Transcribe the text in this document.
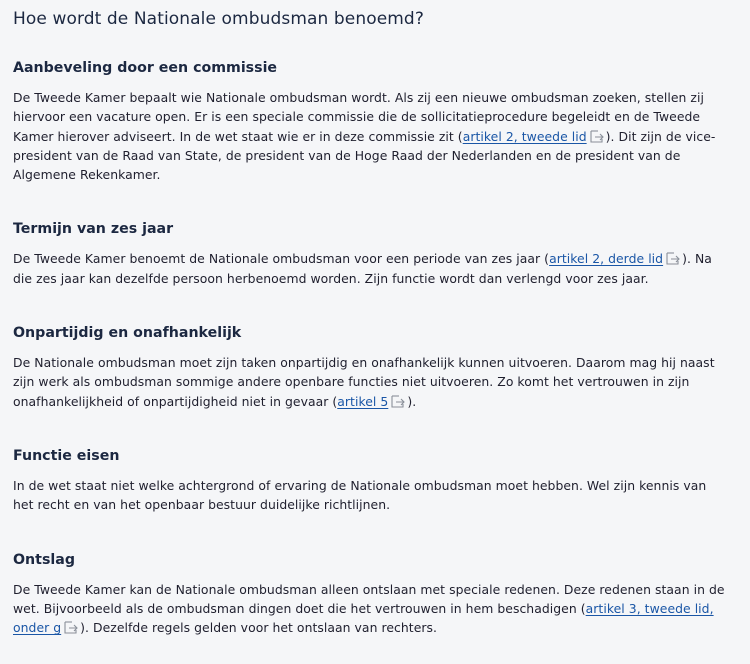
Hoe wordt de Nationale ombudsman benoemd?
Aanbeveling door een commissie

De Tweede Kamer bepaalt wie Nationale ombudsman wordt. Als zij een nieuwe ombudsman zoeken, stellen zij hiervoor een vacature open. Er is een speciale commissie die de sollicitatieprocedure begeleidt en de Tweede Kamer hierover adviseert. In de wet staat wie er in deze commissie zit (artikel 2, tweede lid ). Dit zijn de vice-president van de Raad van State, de president van de Hoge Raad der Nederlanden en de president van de Algemene Rekenkamer.

Termijn van zes jaar

De Tweede Kamer benoemt de Nationale ombudsman voor een periode van zes jaar (artikel 2, derde lid ). Na die zes jaar kan dezelfde persoon herbenoemd worden. Zijn functie wordt dan verlengd voor zes jaar.

Onpartijdig en onafhankelijk

De Nationale ombudsman moet zijn taken onpartijdig en onafhankelijk kunnen uitvoeren. Daarom mag hij naast zijn werk als ombudsman sommige andere openbare functies niet uitvoeren. Zo komt het vertrouwen in zijn onafhankelijkheid of onpartijdigheid niet in gevaar (artikel 5 ).

Functie eisen

In de wet staat niet welke achtergrond of ervaring de Nationale ombudsman moet hebben. Wel zijn kennis van het recht en van het openbaar bestuur duidelijke richtlijnen.

Ontslag

De Tweede Kamer kan de Nationale ombudsman alleen ontslaan met speciale redenen. Deze redenen staan in de wet. Bijvoorbeeld als de ombudsman dingen doet die het vertrouwen in hem beschadigen (artikel 3, tweede lid, onder g ). Dezelfde regels gelden voor het ontslaan van rechters.
